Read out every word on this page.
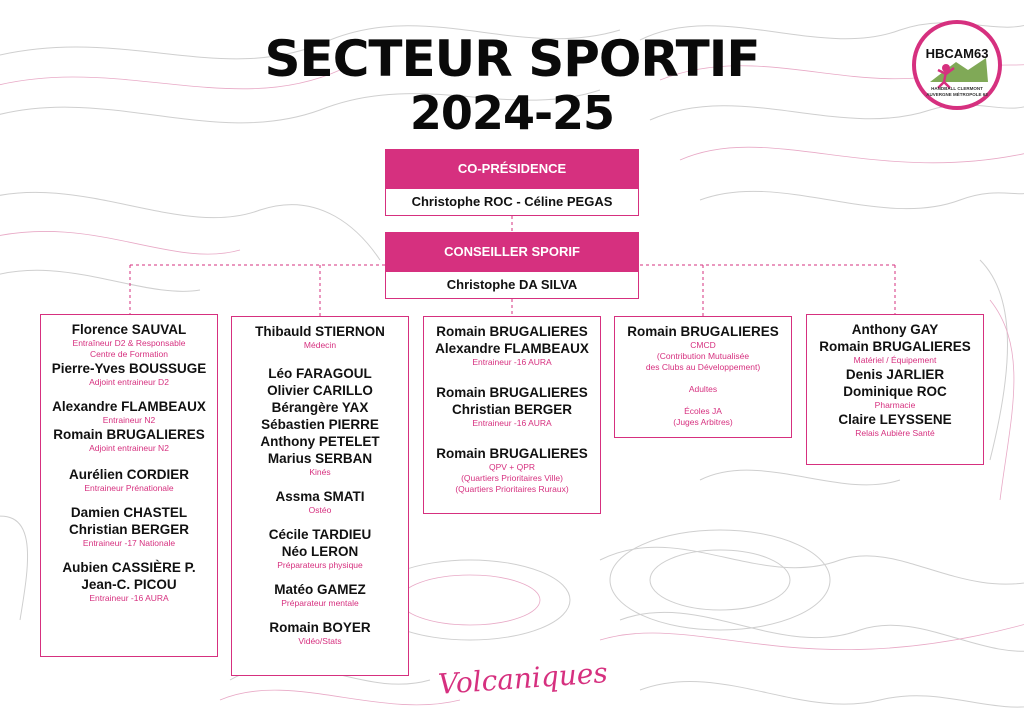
SECTEUR SPORTIF
2024-25
HBCAM63
HANDBALL CLERMONT AUVERGNE MÉTROPOLE 63
CO-PRÉSIDENCE
Christophe ROC - Céline PEGAS
CONSEILLER SPORIF
Christophe DA SILVA
Florence SAUVAL
Entraîneur D2 & Responsable
Centre de Formation
Pierre-Yves BOUSSUGE
Adjoint entraineur D2
Alexandre FLAMBEAUX
Entraineur N2
Romain BRUGALIERES
Adjoint entraineur N2
Aurélien CORDIER
Entraineur Prénationale
Damien CHASTEL
Christian BERGER
Entraineur -17 Nationale
Aubien CASSIÈRE P.
Jean-C. PICOU
Entraineur -16 AURA
Thibauld STIERNON
Médecin
Léo FARAGOUL
Olivier CARILLO
Bérangère YAX
Sébastien PIERRE
Anthony PETELET
Marius SERBAN
Kinés
Assma SMATI
Ostéo
Cécile TARDIEU
Néo LERON
Préparateurs physique
Matéo GAMEZ
Préparateur mentale
Romain BOYER
Vidéo/Stats
Romain BRUGALIERES
Alexandre FLAMBEAUX
Entraineur -16 AURA
Romain BRUGALIERES
Christian BERGER
Entraineur -16 AURA
Romain BRUGALIERES
QPV + QPR
(Quartiers Prioritaires Ville)
(Quartiers Prioritaires Ruraux)
Romain BRUGALIERES
CMCD
(Contribution Mutualisée
des Clubs au Développement)
Adultes
Écoles JA
(Juges Arbitres)
Anthony GAY
Romain BRUGALIERES
Matériel / Équipement
Denis JARLIER
Dominique ROC
Pharmacie
Claire LEYSSENE
Relais Aubière Santé
Volcaniques
